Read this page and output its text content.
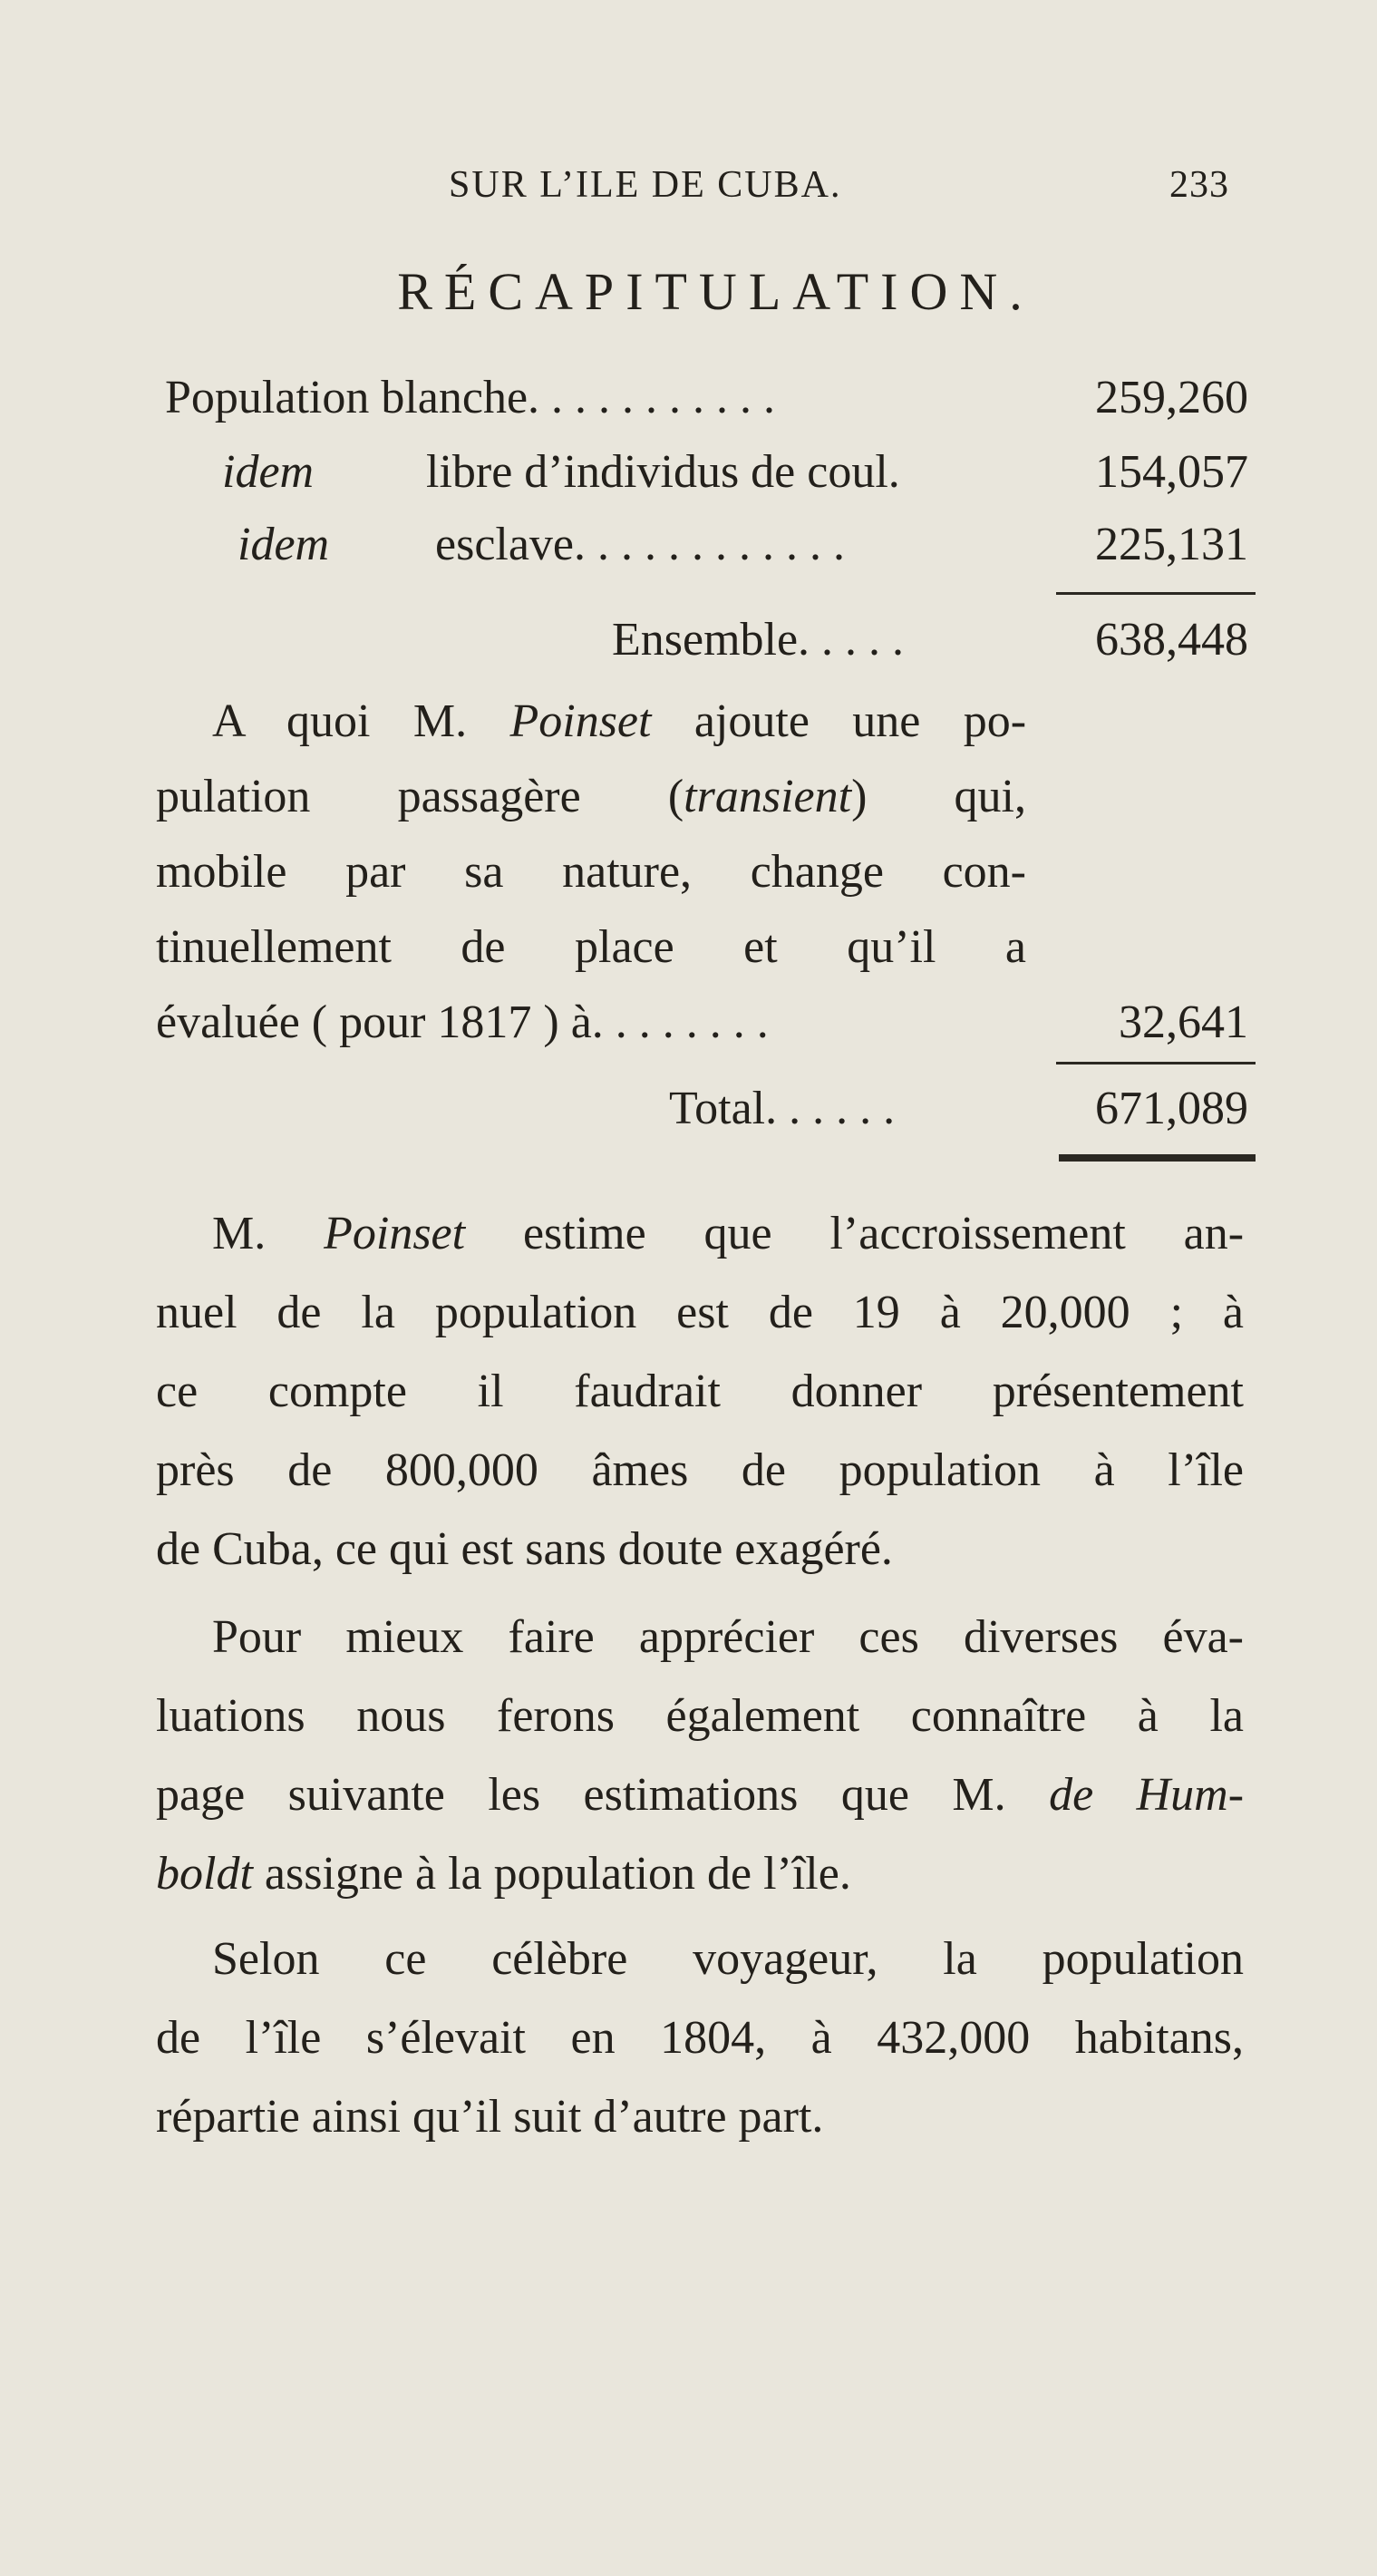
SUR L’ILE DE CUBA.	233
RÉCAPITULATION.
Population blanche. . . . . . . . . . .	259,260
idem libre d’individus de coul.	154,057
idem esclave. . . . . . . . . . . .	225,131
Ensemble. . . . .	638,448
A quoi M. Poinset ajoute une po-
pulation passagère (transient) qui,
mobile par sa nature, change con-
tinuellement de place et qu’il a
évaluée ( pour 1817 ) à. . . . . . . .	32,641
Total. . . . . .	671,089
M. Poinset estime que l’accroissement an-
nuel de la population est de 19 à 20,000 ; à
ce compte il faudrait donner présentement
près de 800,000 âmes de population à l’île
de Cuba, ce qui est sans doute exagéré.
Pour mieux faire apprécier ces diverses éva-
luations nous ferons également connaître à la
page suivante les estimations que M. de Hum-
boldt assigne à la population de l’île.
Selon ce célèbre voyageur, la population
de l’île s’élevait en 1804, à 432,000 habitans,
répartie ainsi qu’il suit d’autre part.
